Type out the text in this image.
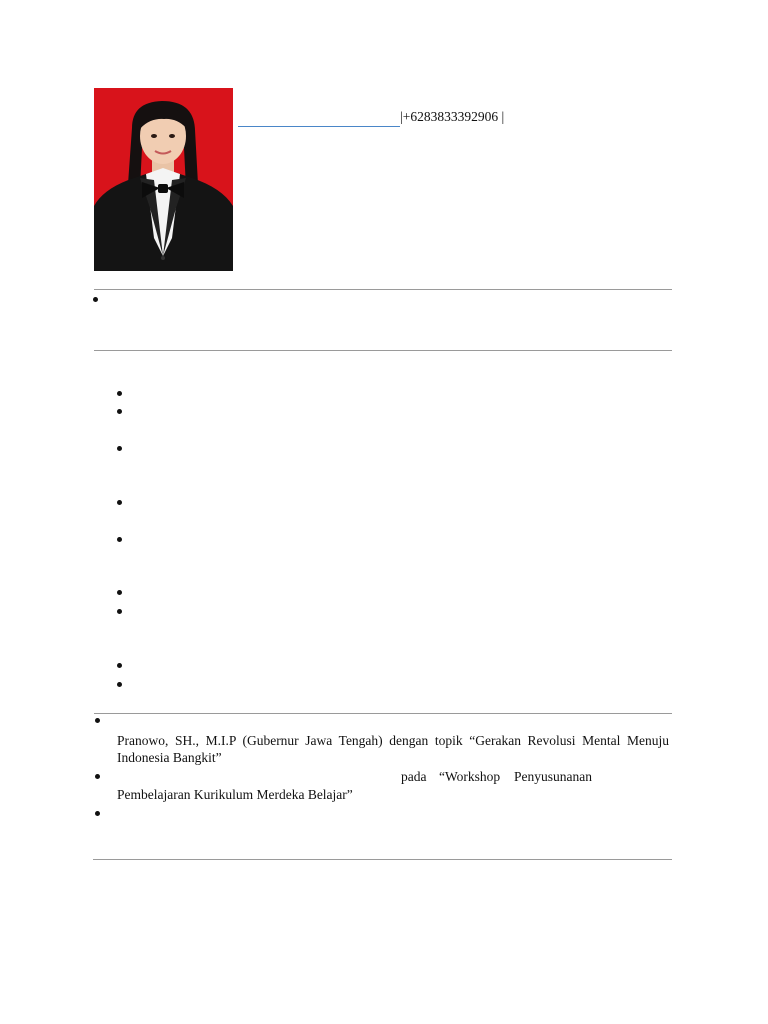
|+6283833392906 |
Pranowo, SH., M.I.P (Gubernur Jawa Tengah) dengan topik “Gerakan Revolusi Mental Menuju
Indonesia Bangkit”
pada “Workshop Penyusunanan
Pembelajaran Kurikulum Merdeka Belajar”
